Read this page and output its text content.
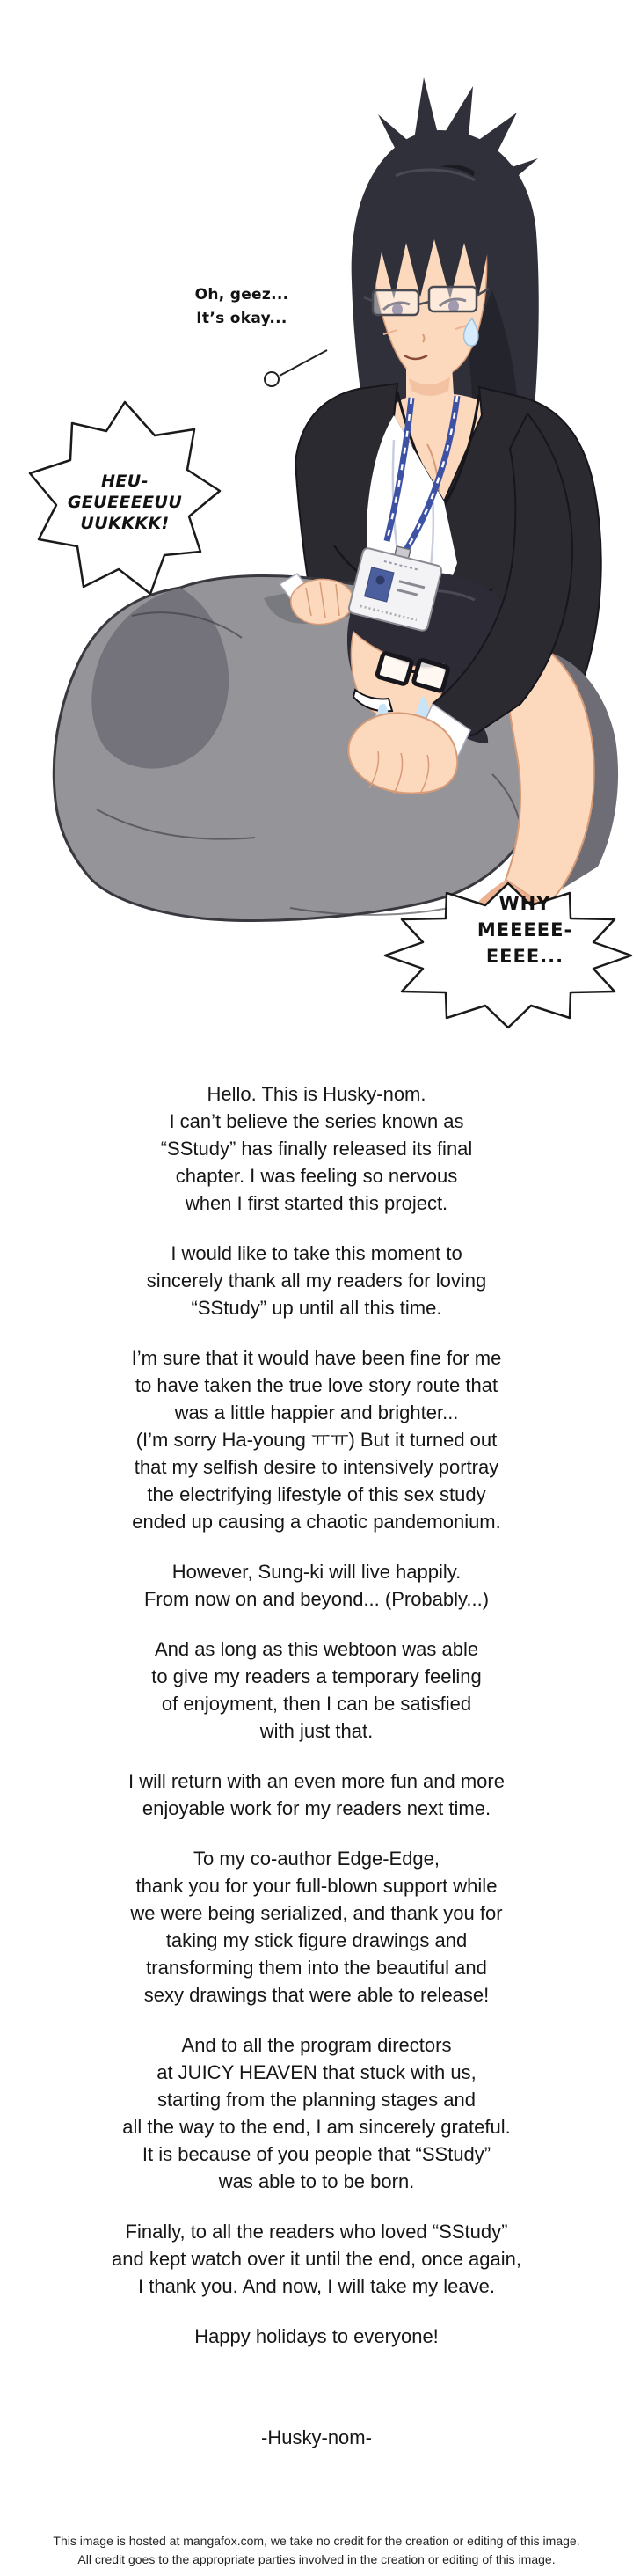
Oh, geez...
It’s okay...
HEU-
GEUEEEEUU
UUKKKK!
WHY
MEEEEE-
EEEE...
Hello. This is Husky-nom.
I can’t believe the series known as
“SStudy” has finally released its final
chapter. I was feeling so nervous
when I first started this project.
I would like to take this moment to
sincerely thank all my readers for loving
“SStudy” up until all this time.
I’m sure that it would have been fine for me
to have taken the true love story route that
was a little happier and brighter...
(I’m sorry Ha-young ㅠㅠ) But it turned out
that my selfish desire to intensively portray
the electrifying lifestyle of this sex study
ended up causing a chaotic pandemonium.
However, Sung-ki will live happily.
From now on and beyond... (Probably...)
And as long as this webtoon was able
to give my readers a temporary feeling
of enjoyment, then I can be satisfied
with just that.
I will return with an even more fun and more
enjoyable work for my readers next time.
To my co-author Edge-Edge,
thank you for your full-blown support while
we were being serialized, and thank you for
taking my stick figure drawings and
transforming them into the beautiful and
sexy drawings that were able to release!
And to all the program directors
at JUICY HEAVEN that stuck with us,
starting from the planning stages and
all the way to the end, I am sincerely grateful.
It is because of you people that “SStudy”
was able to to be born.
Finally, to all the readers who loved “SStudy”
and kept watch over it until the end, once again,
I thank you. And now, I will take my leave.
Happy holidays to everyone!
-Husky-nom-
This image is hosted at mangafox.com, we take no credit for the creation or editing of this image.
All credit goes to the appropriate parties involved in the creation or editing of this image.
